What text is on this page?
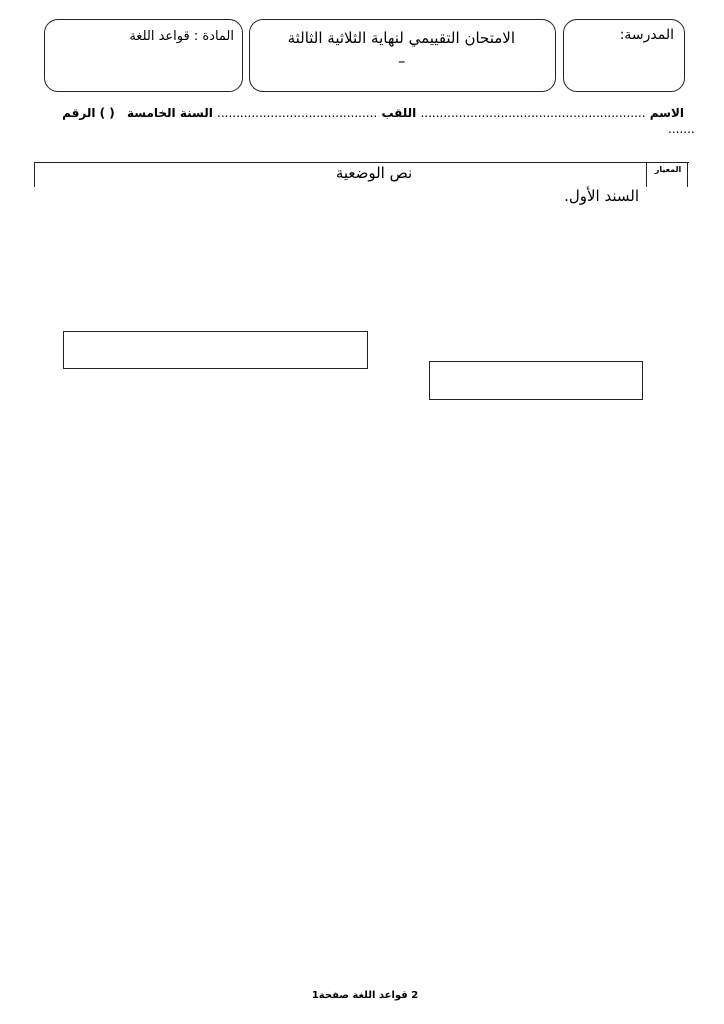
المدرسة:
الامتحان التقييمي لنهاية الثلاثية الثالثة
–
المادة : قواعد اللغة
الاسم ........................................................... اللقب .......................................... السنة الخامسة ( ) الرقم
.......
المعيار
نص الوضعية
السند الأول.
2 قواعد اللغة صفحة1
